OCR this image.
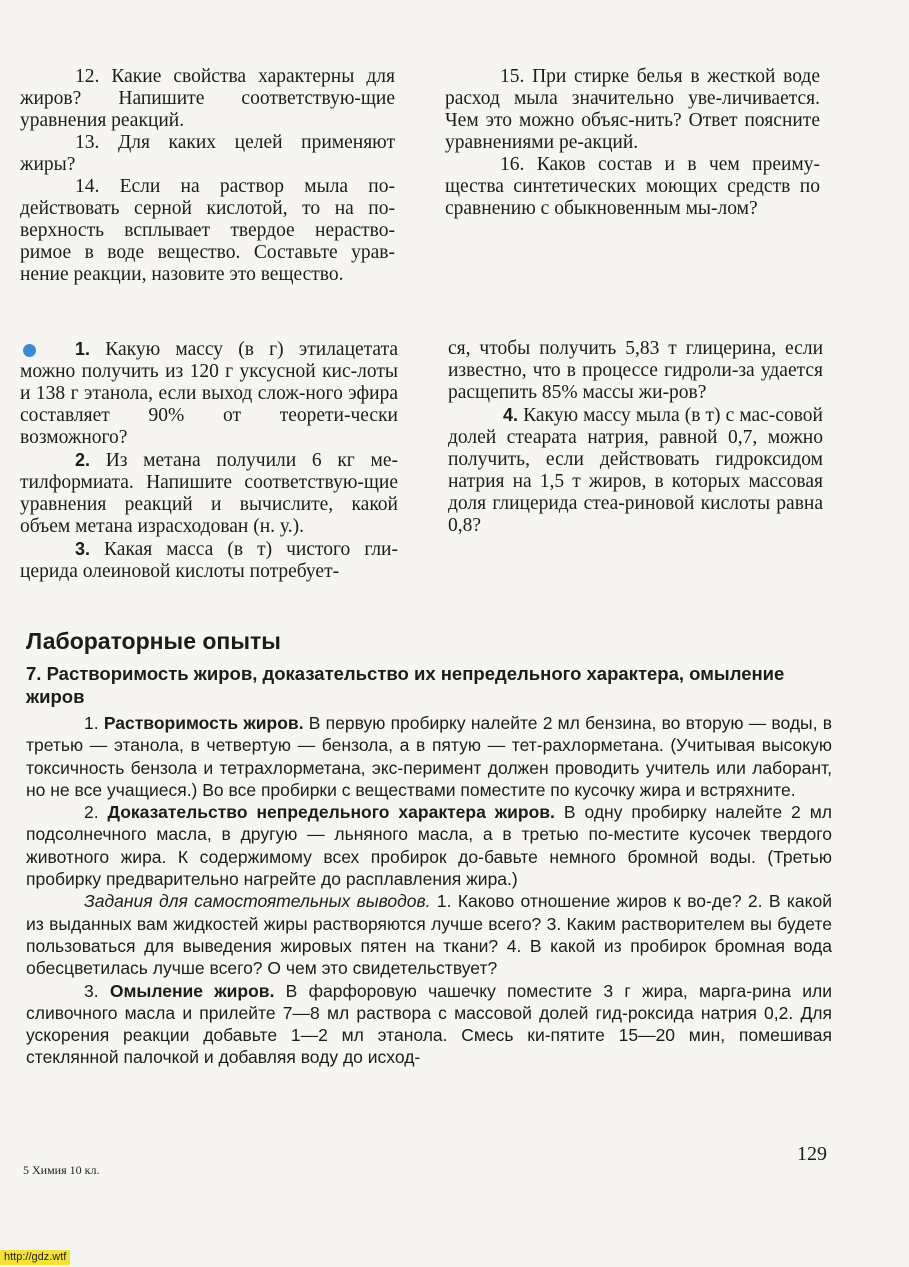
12. Какие свойства характерны для жиров? Напишите соответствую-щие уравнения реакций.

13. Для каких целей применяют жиры?

14. Если на раствор мыла по-действовать серной кислотой, то на по-верхность всплывает твердое нераство-римое в воде вещество. Составьте урав-нение реакции, назовите это вещество.

15. При стирке белья в жесткой воде расход мыла значительно уве-личивается. Чем это можно объяс-нить? Ответ поясните уравнениями ре-акций.

16. Каков состав и в чем преиму-щества синтетических моющих средств по сравнению с обыкновенным мы-лом?

1. Какую массу (в г) этилацетата можно получить из 120 г уксусной кис-лоты и 138 г этанола, если выход слож-ного эфира составляет 90% от теорети-чески возможного?

2. Из метана получили 6 кг ме-тилформиата. Напишите соответствую-щие уравнения реакций и вычислите, какой объем метана израсходован (н. у.).

3. Какая масса (в т) чистого гли-церида олеиновой кислоты потребует-

ся, чтобы получить 5,83 т глицерина, если известно, что в процессе гидроли-за удается расщепить 85% массы жи-ров?

4. Какую массу мыла (в т) с мас-совой долей стеарата натрия, равной 0,7, можно получить, если действовать гидроксидом натрия на 1,5 т жиров, в которых массовая доля глицерида стеа-риновой кислоты равна 0,8?

Лабораторные опыты
7. Растворимость жиров, доказательство их непредельного характера, омыление жиров

1. Растворимость жиров. В первую пробирку налейте 2 мл бензина, во вторую — воды, в третью — этанола, в четвертую — бензола, а в пятую — тет-рахлорметана. (Учитывая высокую токсичность бензола и тетрахлорметана, экс-перимент должен проводить учитель или лаборант, но не все учащиеся.) Во все пробирки с веществами поместите по кусочку жира и встряхните.

2. Доказательство непредельного характера жиров. В одну пробирку налейте 2 мл подсолнечного масла, в другую — льняного масла, а в третью по-местите кусочек твердого животного жира. К содержимому всех пробирок до-бавьте немного бромной воды. (Третью пробирку предварительно нагрейте до расплавления жира.)

Задания для самостоятельных выводов. 1. Каково отношение жиров к во-де? 2. В какой из выданных вам жидкостей жиры растворяются лучше всего? 3. Каким растворителем вы будете пользоваться для выведения жировых пятен на ткани? 4. В какой из пробирок бромная вода обесцветилась лучше всего? О чем это свидетельствует?

3. Омыление жиров. В фарфоровую чашечку поместите 3 г жира, марга-рина или сливочного масла и прилейте 7—8 мл раствора с массовой долей гид-роксида натрия 0,2. Для ускорения реакции добавьте 1—2 мл этанола. Смесь ки-пятите 15—20 мин, помешивая стеклянной палочкой и добавляя воду до исход-

129
5 Химия 10 кл.
http://gdz.wtf
